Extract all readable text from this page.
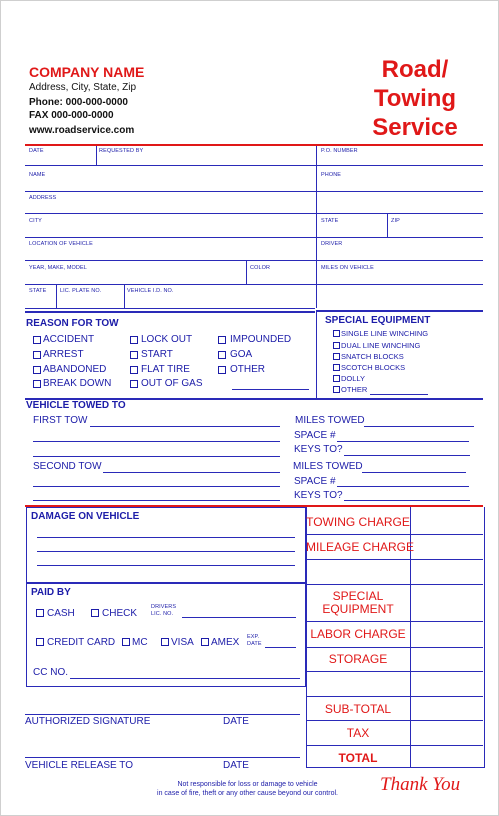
COMPANY NAME
Address, City, State, Zip
Phone: 000-000-0000
FAX 000-000-0000
www.roadservice.com
Road/
Towing
Service
DATE	REQUESTED BY	P.O. NUMBER
NAME	PHONE
ADDRESS
CITY	STATE	ZIP
LOCATION OF VEHICLE	DRIVER
YEAR, MAKE, MODEL	COLOR	MILES ON VEHICLE
STATE LIC. PLATE NO.	VEHICLE I.D. NO.
SPECIAL EQUIPMENT
SINGLE LINE WINCHING
DUAL LINE WINCHING
SNATCH BLOCKS
SCOTCH BLOCKS
DOLLY
OTHER
REASON FOR TOW
ACCIDENT
ARREST
ABANDONED
BREAK DOWN
LOCK OUT
START
FLAT TIRE
OUT OF GAS
IMPOUNDED
GOA
OTHER
VEHICLE TOWED TO
FIRST TOW	MILES TOWED
SPACE #
KEYS TO?
SECOND TOW	MILES TOWED
SPACE #
KEYS TO?
DAMAGE ON VEHICLE
PAID BY
CASH	CHECK
DRIVERS
LIC. NO.
CREDIT CARD MC VISA AMEX EXP.
DATE
CC NO.
TOWING CHARGE
MILEAGE CHARGE
SPECIAL
EQUIPMENT
LABOR CHARGE
STORAGE
SUB-TOTAL
TAX
TOTAL
AUTHORIZED SIGNATURE	DATE
VEHICLE RELEASE TO	DATE
Not responsible for loss or damage to vehicle
in case of fire, theft or any other cause beyond our control.	Thank You
